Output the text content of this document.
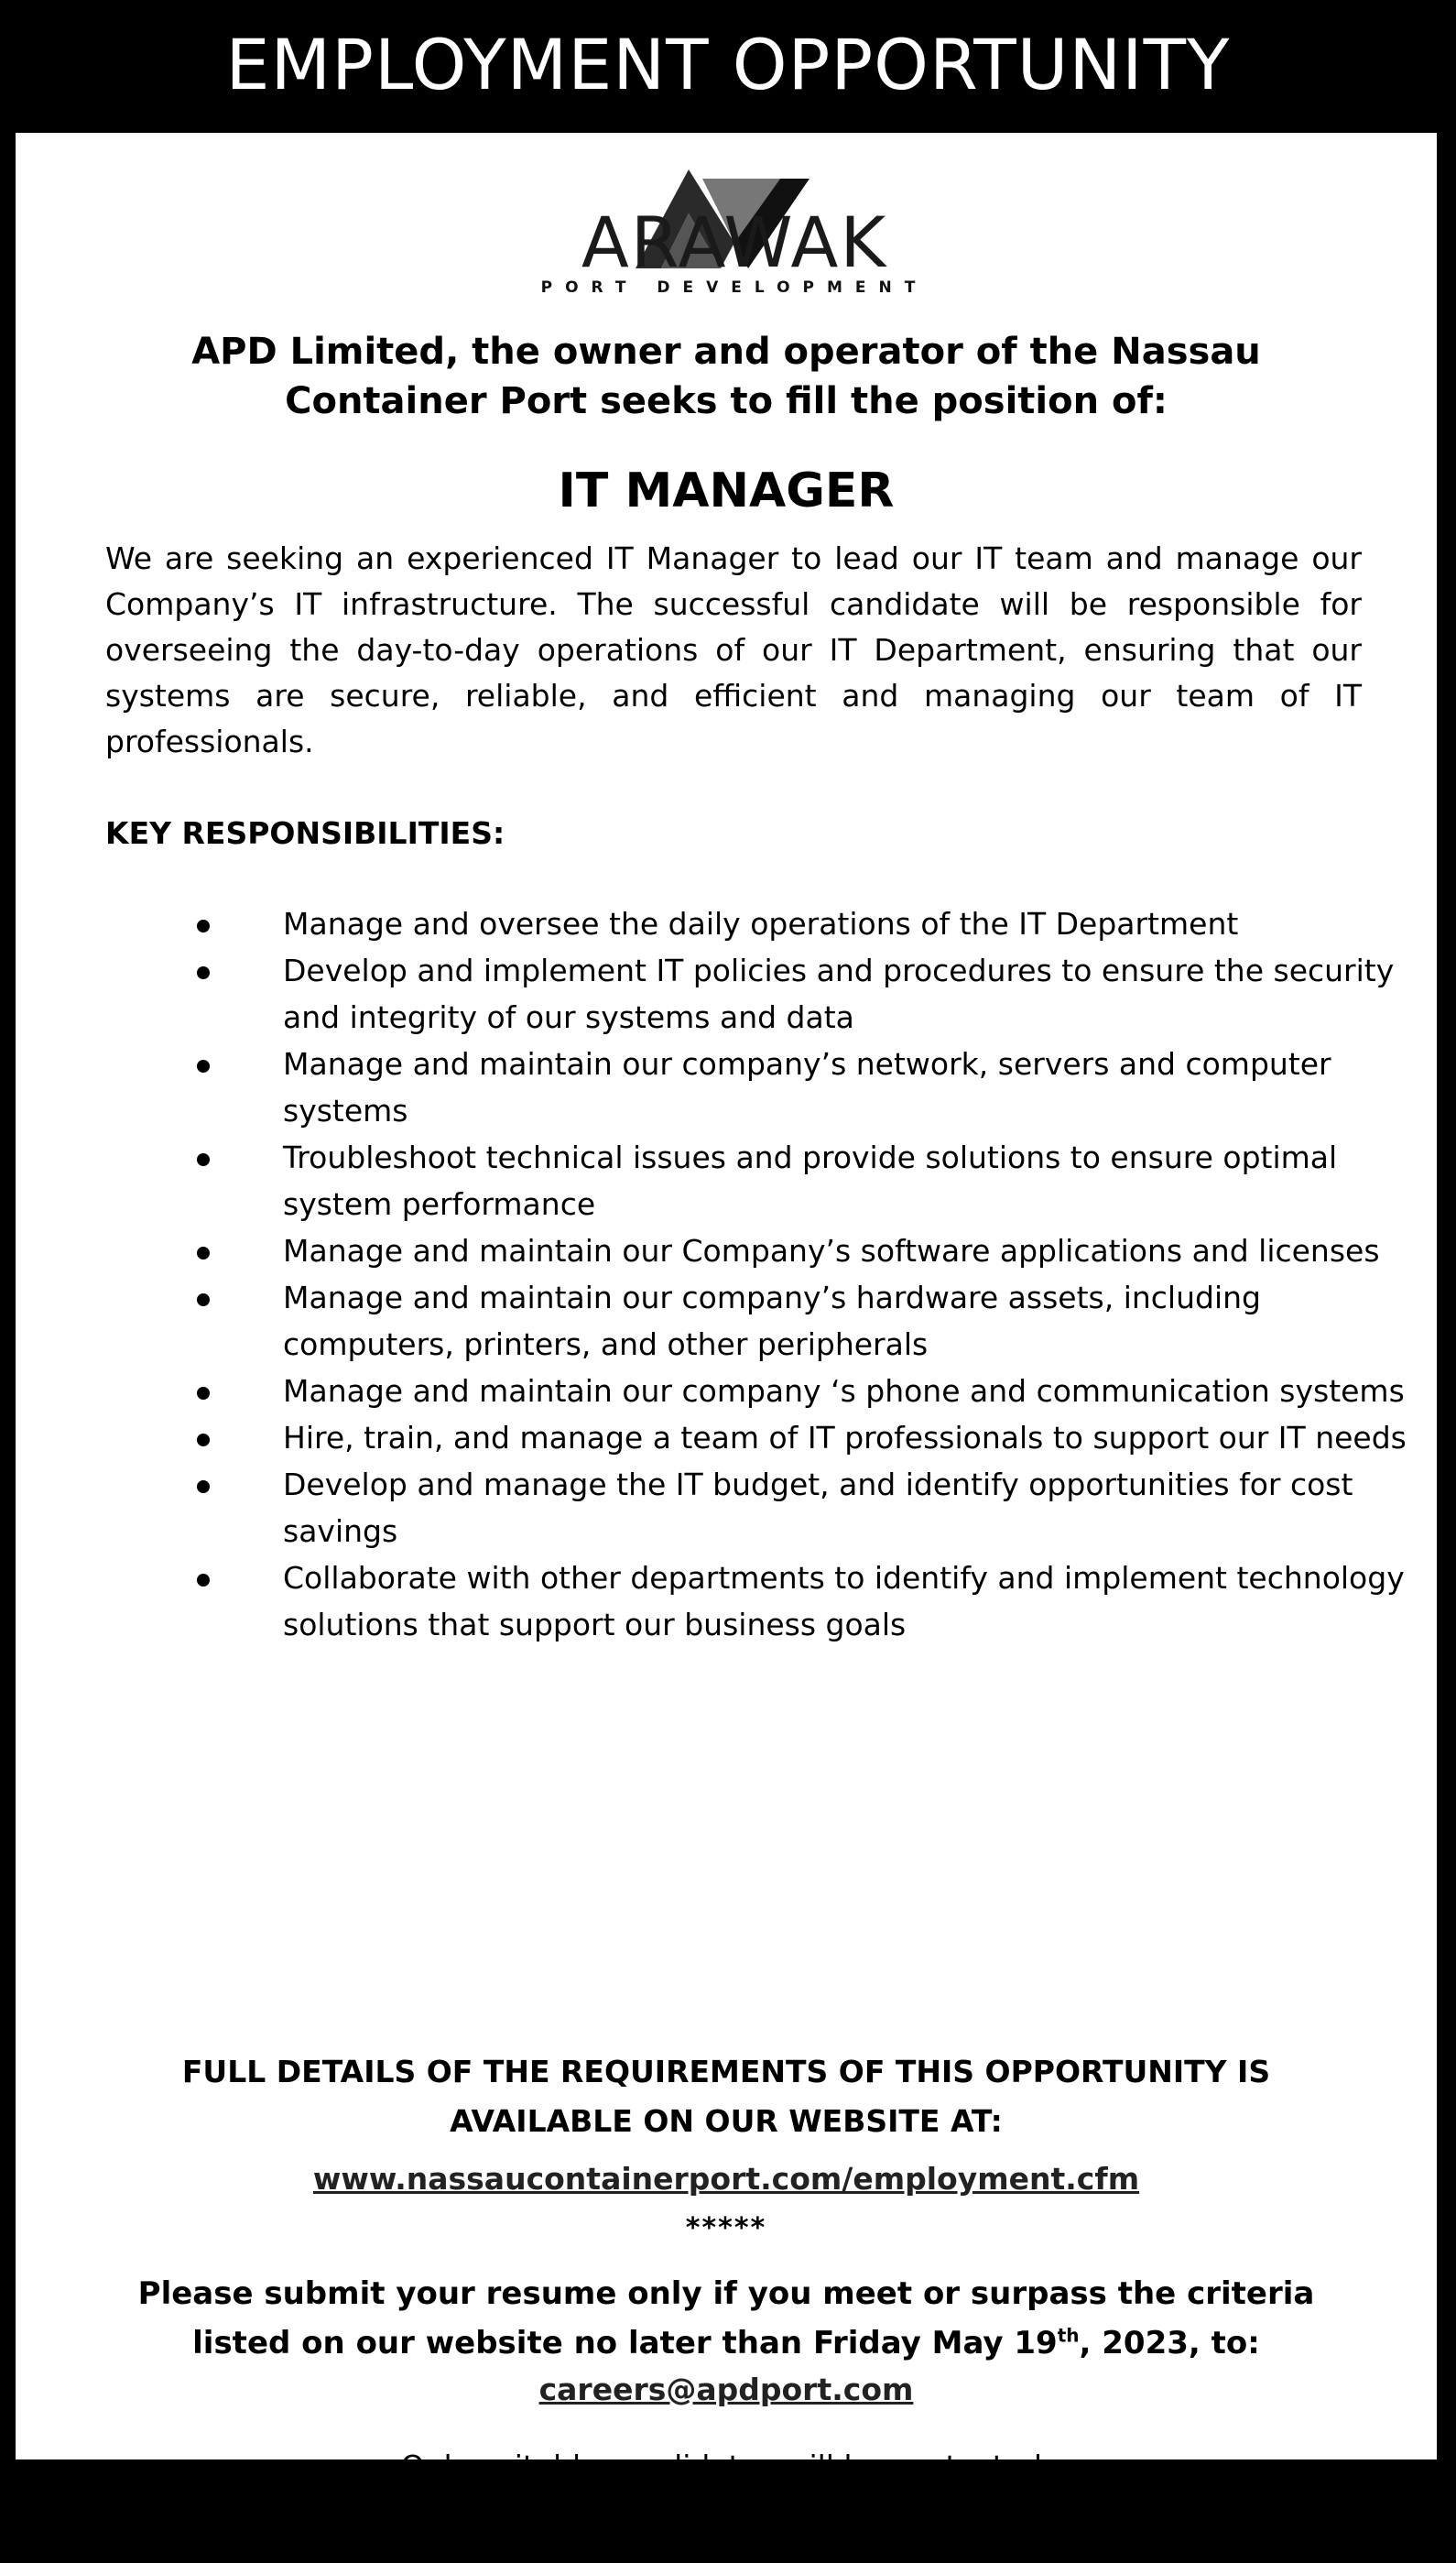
EMPLOYMENT OPPORTUNITY
ARAWAK
PORT DEVELOPMENT
APD Limited, the owner and operator of the Nassau
Container Port seeks to fill the position of:
IT MANAGER
We are seeking an experienced IT Manager to lead our IT team and manage our Company’s IT infrastructure. The successful candidate will be responsible for overseeing the day-to-day operations of our IT Department, ensuring that our systems are secure, reliable, and efficient and managing our team of IT professionals.
KEY RESPONSIBILITIES:
Manage and oversee the daily operations of the IT Department
Develop and implement IT policies and procedures to ensure the security and integrity of our systems and data
Manage and maintain our company’s network, servers and computer systems
Troubleshoot technical issues and provide solutions to ensure optimal system performance
Manage and maintain our Company’s software applications and licenses
Manage and maintain our company’s hardware assets, including computers, printers, and other peripherals
Manage and maintain our company ‘s phone and communication systems
Hire, train, and manage a team of IT professionals to support our IT needs
Develop and manage the IT budget, and identify opportunities for cost savings
Collaborate with other departments to identify and implement technology solutions that support our business goals
FULL DETAILS OF THE REQUIREMENTS OF THIS OPPORTUNITY IS
AVAILABLE ON OUR WEBSITE AT:
www.nassaucontainerport.com/employment.cfm
*****
Please submit your resume only if you meet or surpass the criteria
listed on our website no later than Friday May 19th, 2023, to:
careers@apdport.com
Only suitable candidates will be contacted.
No phone calls will be accepted.
*****
